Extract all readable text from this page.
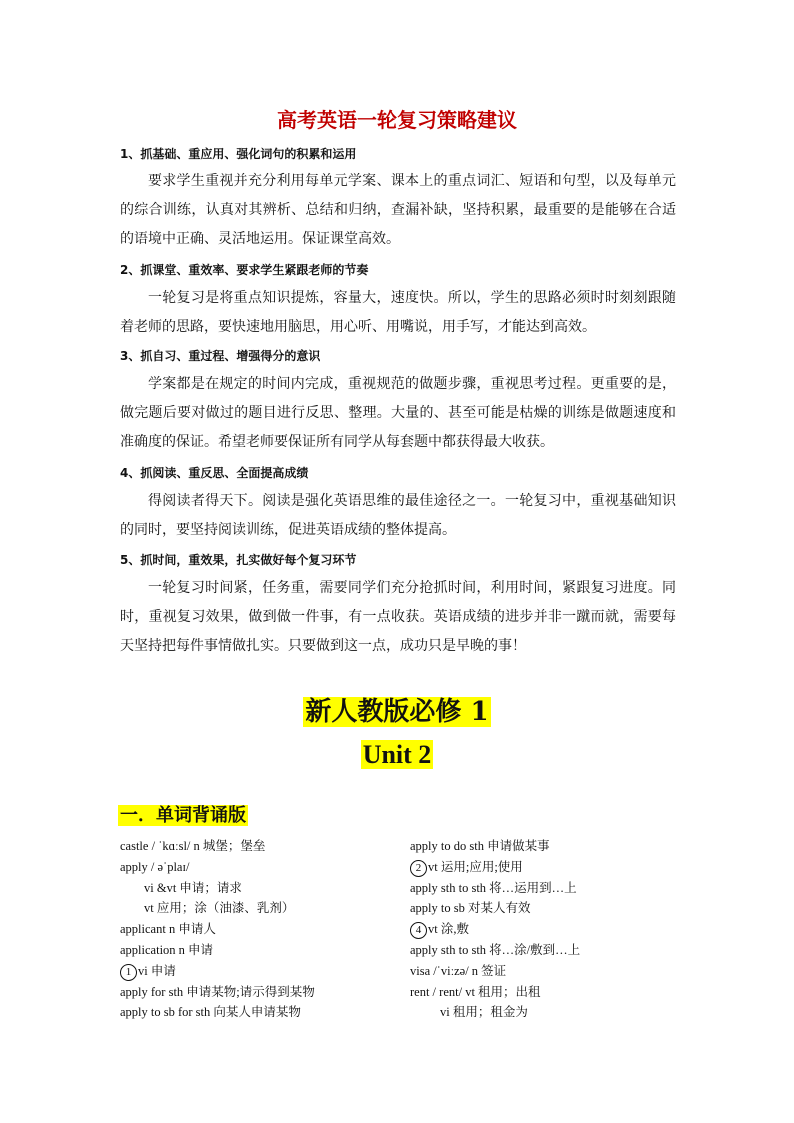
高考英语一轮复习策略建议
1、抓基础、重应用、强化词句的积累和运用
要求学生重视并充分利用每单元学案、课本上的重点词汇、短语和句型，以及每单元的综合训练，认真对其辨析、总结和归纳，查漏补缺，坚持积累，最重要的是能够在合适的语境中正确、灵活地运用。保证课堂高效。
2、抓课堂、重效率、要求学生紧跟老师的节奏
一轮复习是将重点知识提炼，容量大，速度快。所以，学生的思路必须时时刻刻跟随着老师的思路，要快速地用脑思，用心听、用嘴说，用手写，才能达到高效。
3、抓自习、重过程、增强得分的意识
学案都是在规定的时间内完成，重视规范的做题步骤，重视思考过程。更重要的是，做完题后要对做过的题目进行反思、整理。大量的、甚至可能是枯燥的训练是做题速度和准确度的保证。希望老师要保证所有同学从每套题中都获得最大收获。
4、抓阅读、重反思、全面提高成绩
得阅读者得天下。阅读是强化英语思维的最佳途径之一。一轮复习中，重视基础知识的同时，要坚持阅读训练，促进英语成绩的整体提高。
5、抓时间，重效果，扎实做好每个复习环节
一轮复习时间紧，任务重，需要同学们充分抢抓时间，利用时间，紧跟复习进度。同时，重视复习效果，做到做一件事，有一点收获。英语成绩的进步并非一蹴而就，需要每天坚持把每件事情做扎实。只要做到这一点，成功只是早晚的事！
新人教版必修 1
Unit 2
一．单词背诵版
castle / ˈkɑːsl/ n 城堡；堡垒
apply / əˈplaɪ/
vi &vt 申请；请求
vt 应用；涂（油漆、乳剂）
applicant n 申请人
application n 申请
1 vi 申请
apply for sth 申请某物;请示得到某物
apply to sb for sth 向某人申请某物
apply to do sth 申请做某事
2 vt 运用;应用;使用
apply sth to sth 将…运用到…上
apply to sb 对某人有效
4 vt 涂,敷
apply sth to sth 将…涂/敷到…上
visa /ˈviːzə/ n 签证
rent / rent/ vt 租用；出租
vi 租用；租金为
